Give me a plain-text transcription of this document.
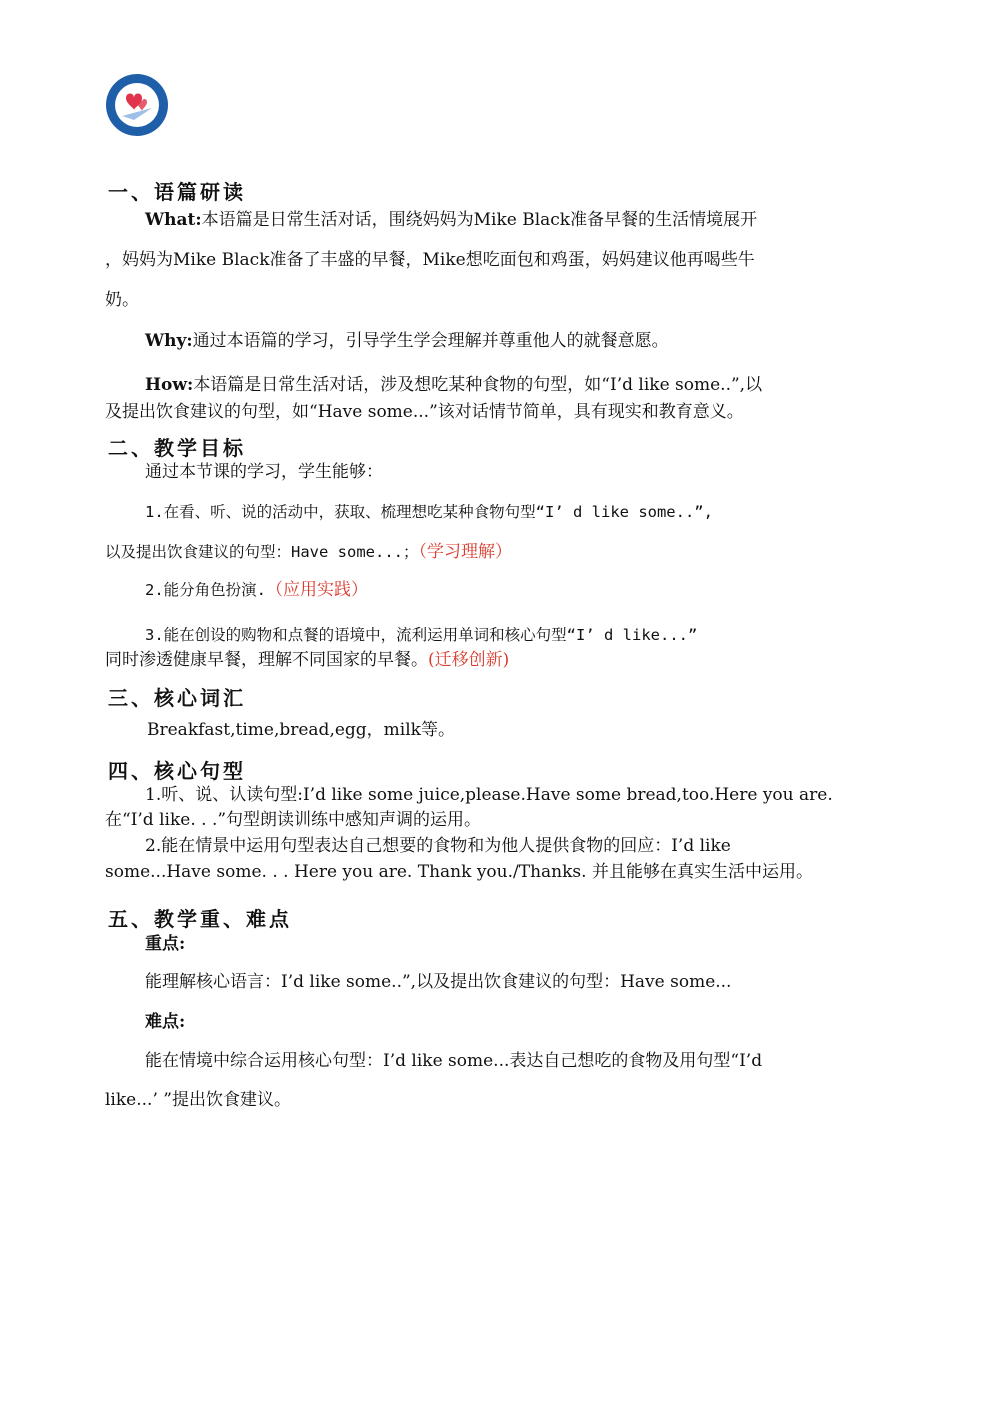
一、语篇研读
What:本语篇是日常生活对话，围绕妈妈为Mike Black准备早餐的生活情境展开
，妈妈为Mike Black准备了丰盛的早餐，Mike想吃面包和鸡蛋，妈妈建议他再喝些牛
奶。
Why:通过本语篇的学习，引导学生学会理解并尊重他人的就餐意愿。
How:本语篇是日常生活对话，涉及想吃某种食物的句型，如“I’d like some..”,以
及提出饮食建议的句型，如“Have some...”该对话情节简单，具有现实和教育意义。
二、教学目标
通过本节课的学习，学生能够：
1.在看、听、说的活动中，获取、梳理想吃某种食物句型“I’ d like some..”,
以及提出饮食建议的句型：Have some...；（学习理解）
2.能分角色扮演.（应用实践）
3.能在创设的购物和点餐的语境中，流利运用单词和核心句型“I’ d like...”
同时渗透健康早餐，理解不同国家的早餐。(迁移创新)
三、核心词汇
Breakfast,time,bread,egg，milk等。
四、核心句型
1.听、说、认读句型:I’d like some juice,please.Have some bread,too.Here you are.
在“I’d like. . .”句型朗读训练中感知声调的运用。
2.能在情景中运用句型表达自己想要的食物和为他人提供食物的回应：I’d like
some...Have some. . . Here you are. Thank you./Thanks. 并且能够在真实生活中运用。
五、教学重、难点
重点:
能理解核心语言：I’d like some..”,以及提出饮食建议的句型：Have some...
难点:
能在情境中综合运用核心句型：I’d like some...表达自己想吃的食物及用句型“I’d
like...’ ”提出饮食建议。
